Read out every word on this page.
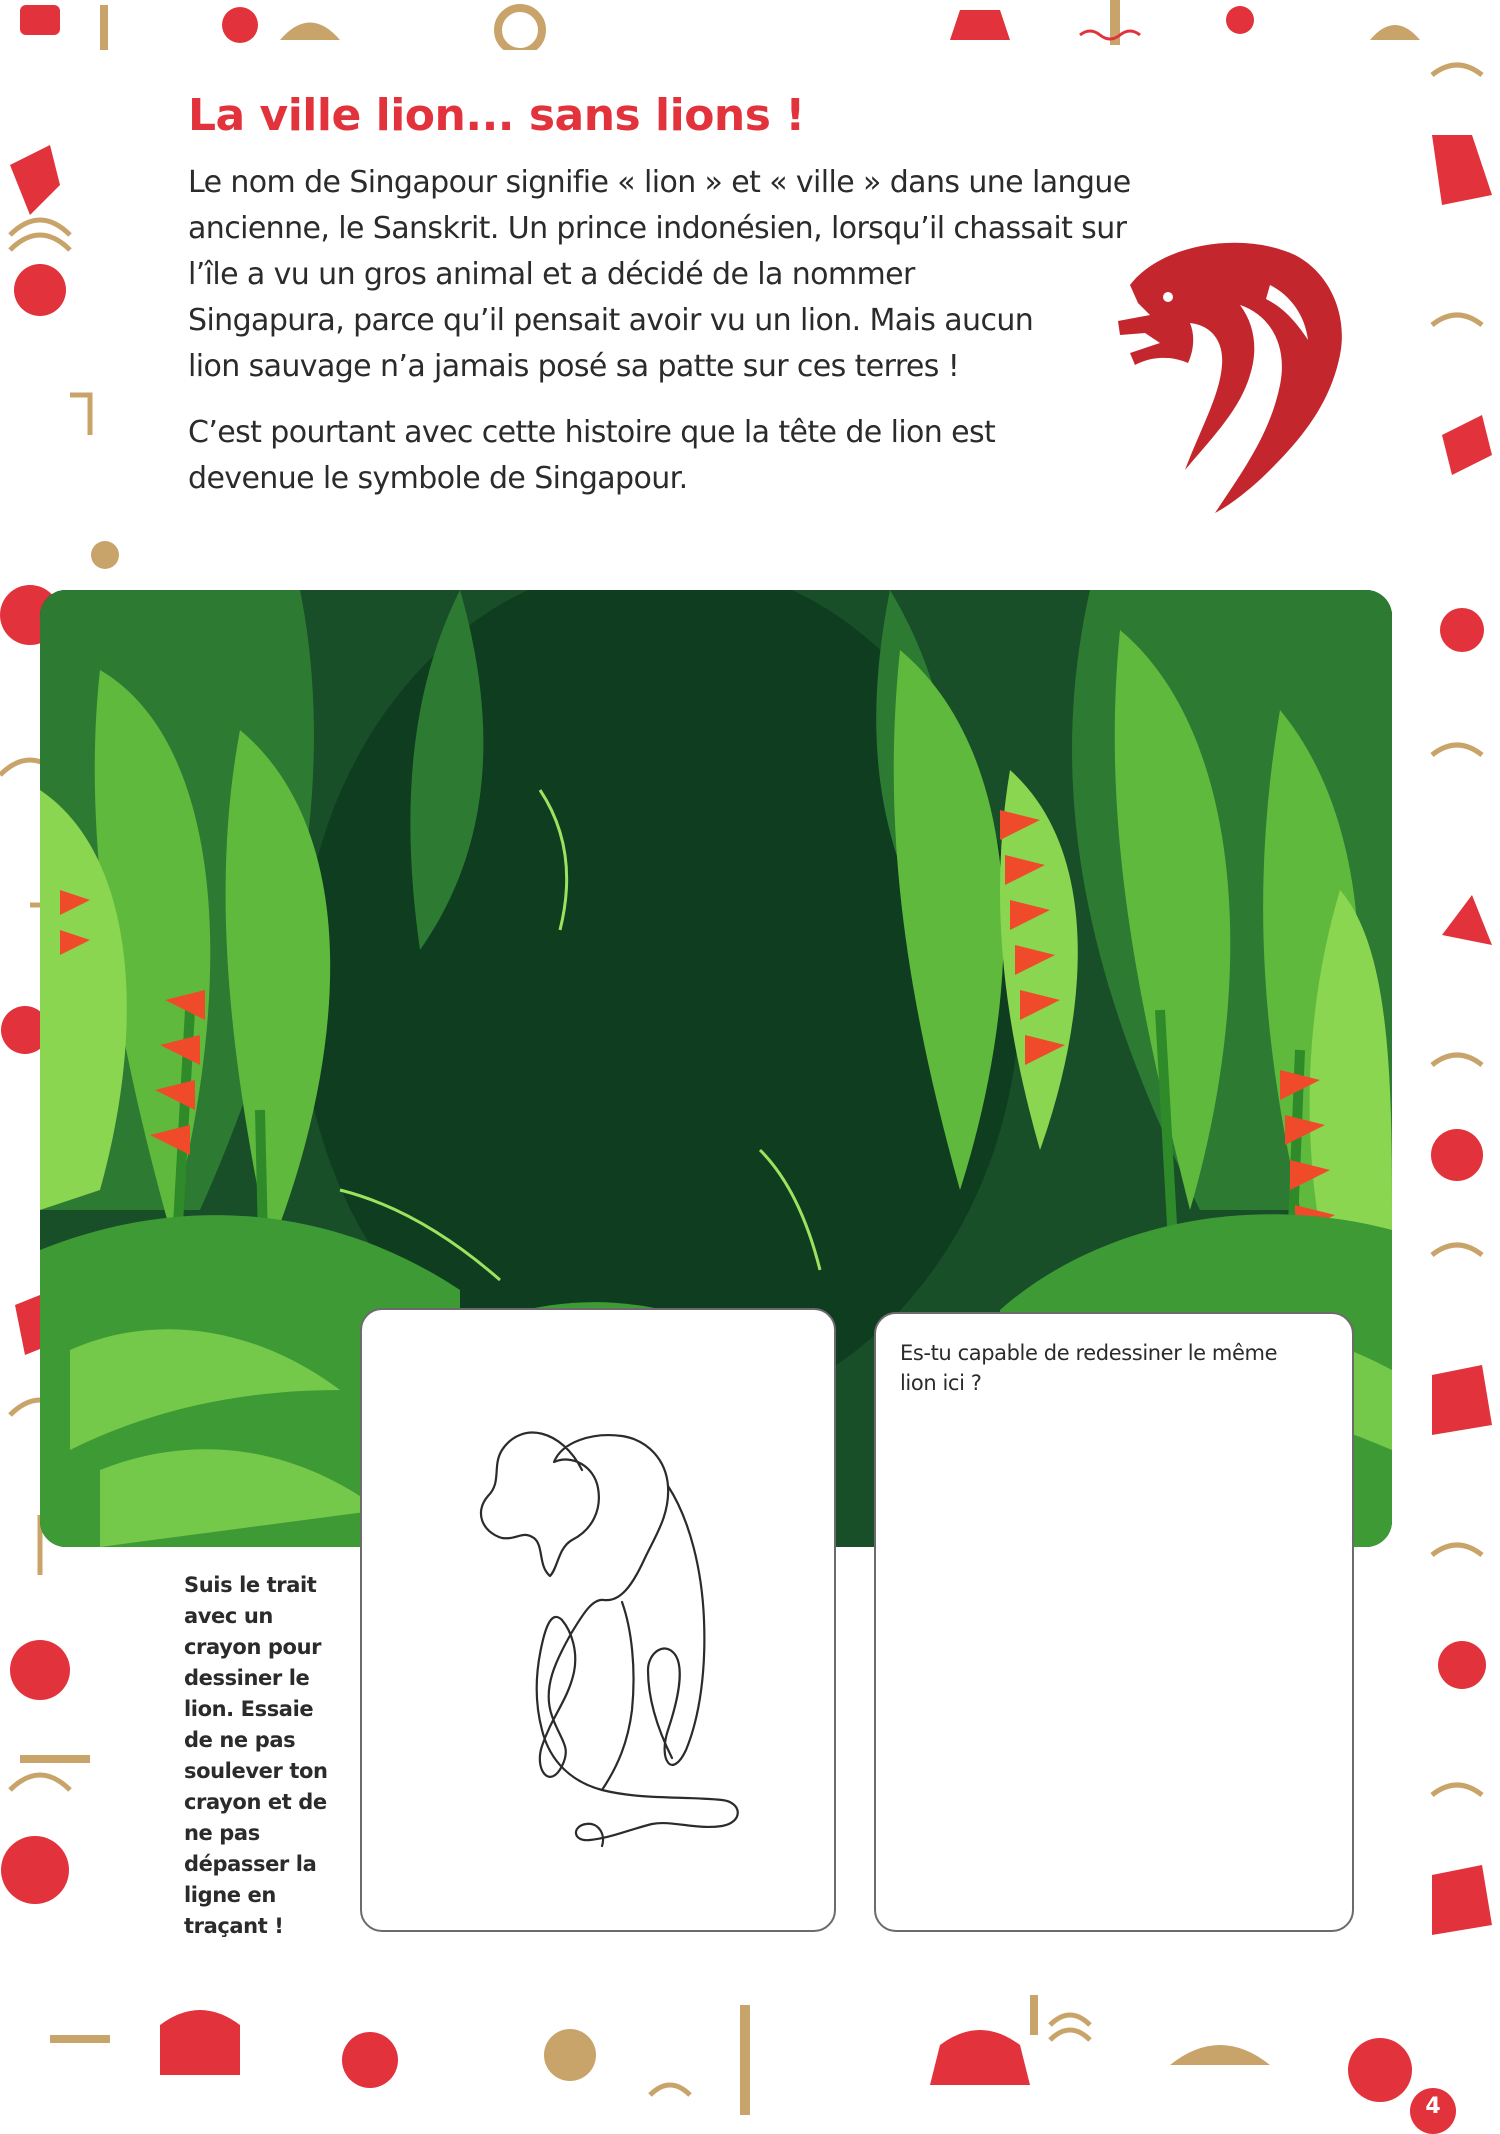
La ville lion... sans lions !

Le nom de Singapour signifie « lion » et « ville » dans une langue
ancienne, le Sanskrit. Un prince indonésien, lorsqu’il chassait sur
l’île a vu un gros animal et a décidé de la nommer
Singapura, parce qu’il pensait avoir vu un lion. Mais aucun
lion sauvage n’a jamais posé sa patte sur ces terres !

C’est pourtant avec cette histoire que la tête de lion est
devenue le symbole de Singapour.

Es-tu capable de redessiner le même
lion ici ?

Suis le trait
avec un
crayon pour
dessiner le
lion. Essaie
de ne pas
soulever ton
crayon et de
ne pas
dépasser la
ligne en
traçant !

4
